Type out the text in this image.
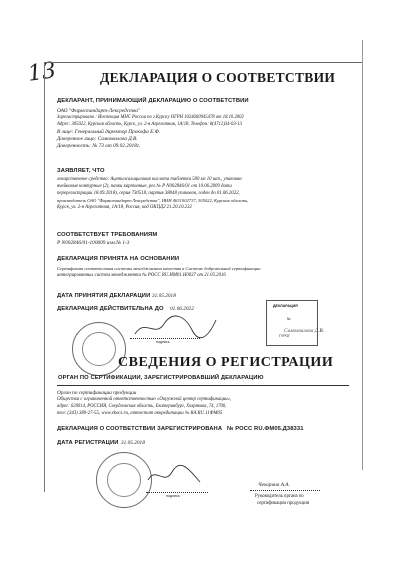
13	ДЕКЛАРАЦИЯ О СООТВЕТСТВИИ
ДЕКЛАРАНТ, ПРИНИМАЮЩИЙ ДЕКЛАРАЦИЮ О СООТВЕТСТВИИ
ОАО "Фармстандарт-Лексредства"
Зарегистрировано : Инспекция МНС России по г.Курску ОГРН 1024600945478 от 18.10.2002
Адрес: 305022, Курская область, Курск, ул. 2-я Агрегатная, 1А/18, Телефон: 8(4712)34-03-13
В лице: Генеральный директор Прокофа Е.Ф.
Доверенное лицо: Самохвалова Д.В.
Доверенность: № 73 от 09.02.2018г.
ЗАЯВЛЯЕТ, ЧТО
лекарственное средство: Ацетилсалициловая кислота таблетки 500 мг 10 шт., упакован
ячейковые контурные (2), пачки картонные, рег.№ Р N002846/01 от 10.06.2009 дата
перерегистрации 18.09.2018), серия 730518, партия 38048 упаковок, годен до 01.06.2022,
производитель ОАО "Фармстандарт-Лексредства", ИНН 4631002737, 305022, Курская область,
Курск, ул. 2-я Агрегатная, 1А/18, Россия, код ОКПД2 21.20.10.232
СООТВЕТСТВУЕТ ТРЕБОВАНИЯМ
Р N002846/01-100609 изм.№ 1-3
ДЕКЛАРАЦИЯ ПРИНЯТА НА ОСНОВАНИИ
Сертификат соответствия системы менеджмента качества в Системе добровольной сертификации
интегрированных систем менеджмента № РОСС RU.ИМ01.Н0037 от 21.05.2016
ДАТА ПРИНЯТИЯ ДЕКЛАРАЦИИ 31.05.2018
ДЕКЛАРАЦИЯ ДЕЙСТВИТЕЛЬНА ДО 01.06.2022
подпись
Самохвалова Д.В.
ДЕКЛАРАЦИЯ
№
ГУРОГ
СВЕДЕНИЯ О РЕГИСТРАЦИИ
ОРГАН ПО СЕРТИФИКАЦИИ, ЗАРЕГИСТРИРОВАВШИЙ ДЕКЛАРАЦИЮ
Орган по сертификации продукции
Общества с ограниченной ответственностью «Окружной центр сертификации»,
адрес: 620014, РОССИЯ, Свердловская область, Екатеринбург, Хохрякова, 74, 1700,
тел: (343) 380-27-55, www.ekocs.ru, аттестат аккредитации № RA.RU.11ФМ05
ДЕКЛАРАЦИЯ О СООТВЕТСТВИИ ЗАРЕГИСТРИРОВАНА № РОСС RU.ФМ05.Д38331
ДАТА РЕГИСТРАЦИИ 31.05.2018
подпись
Чехорина А.А.
Руководитель органа по
сертификации продукции
